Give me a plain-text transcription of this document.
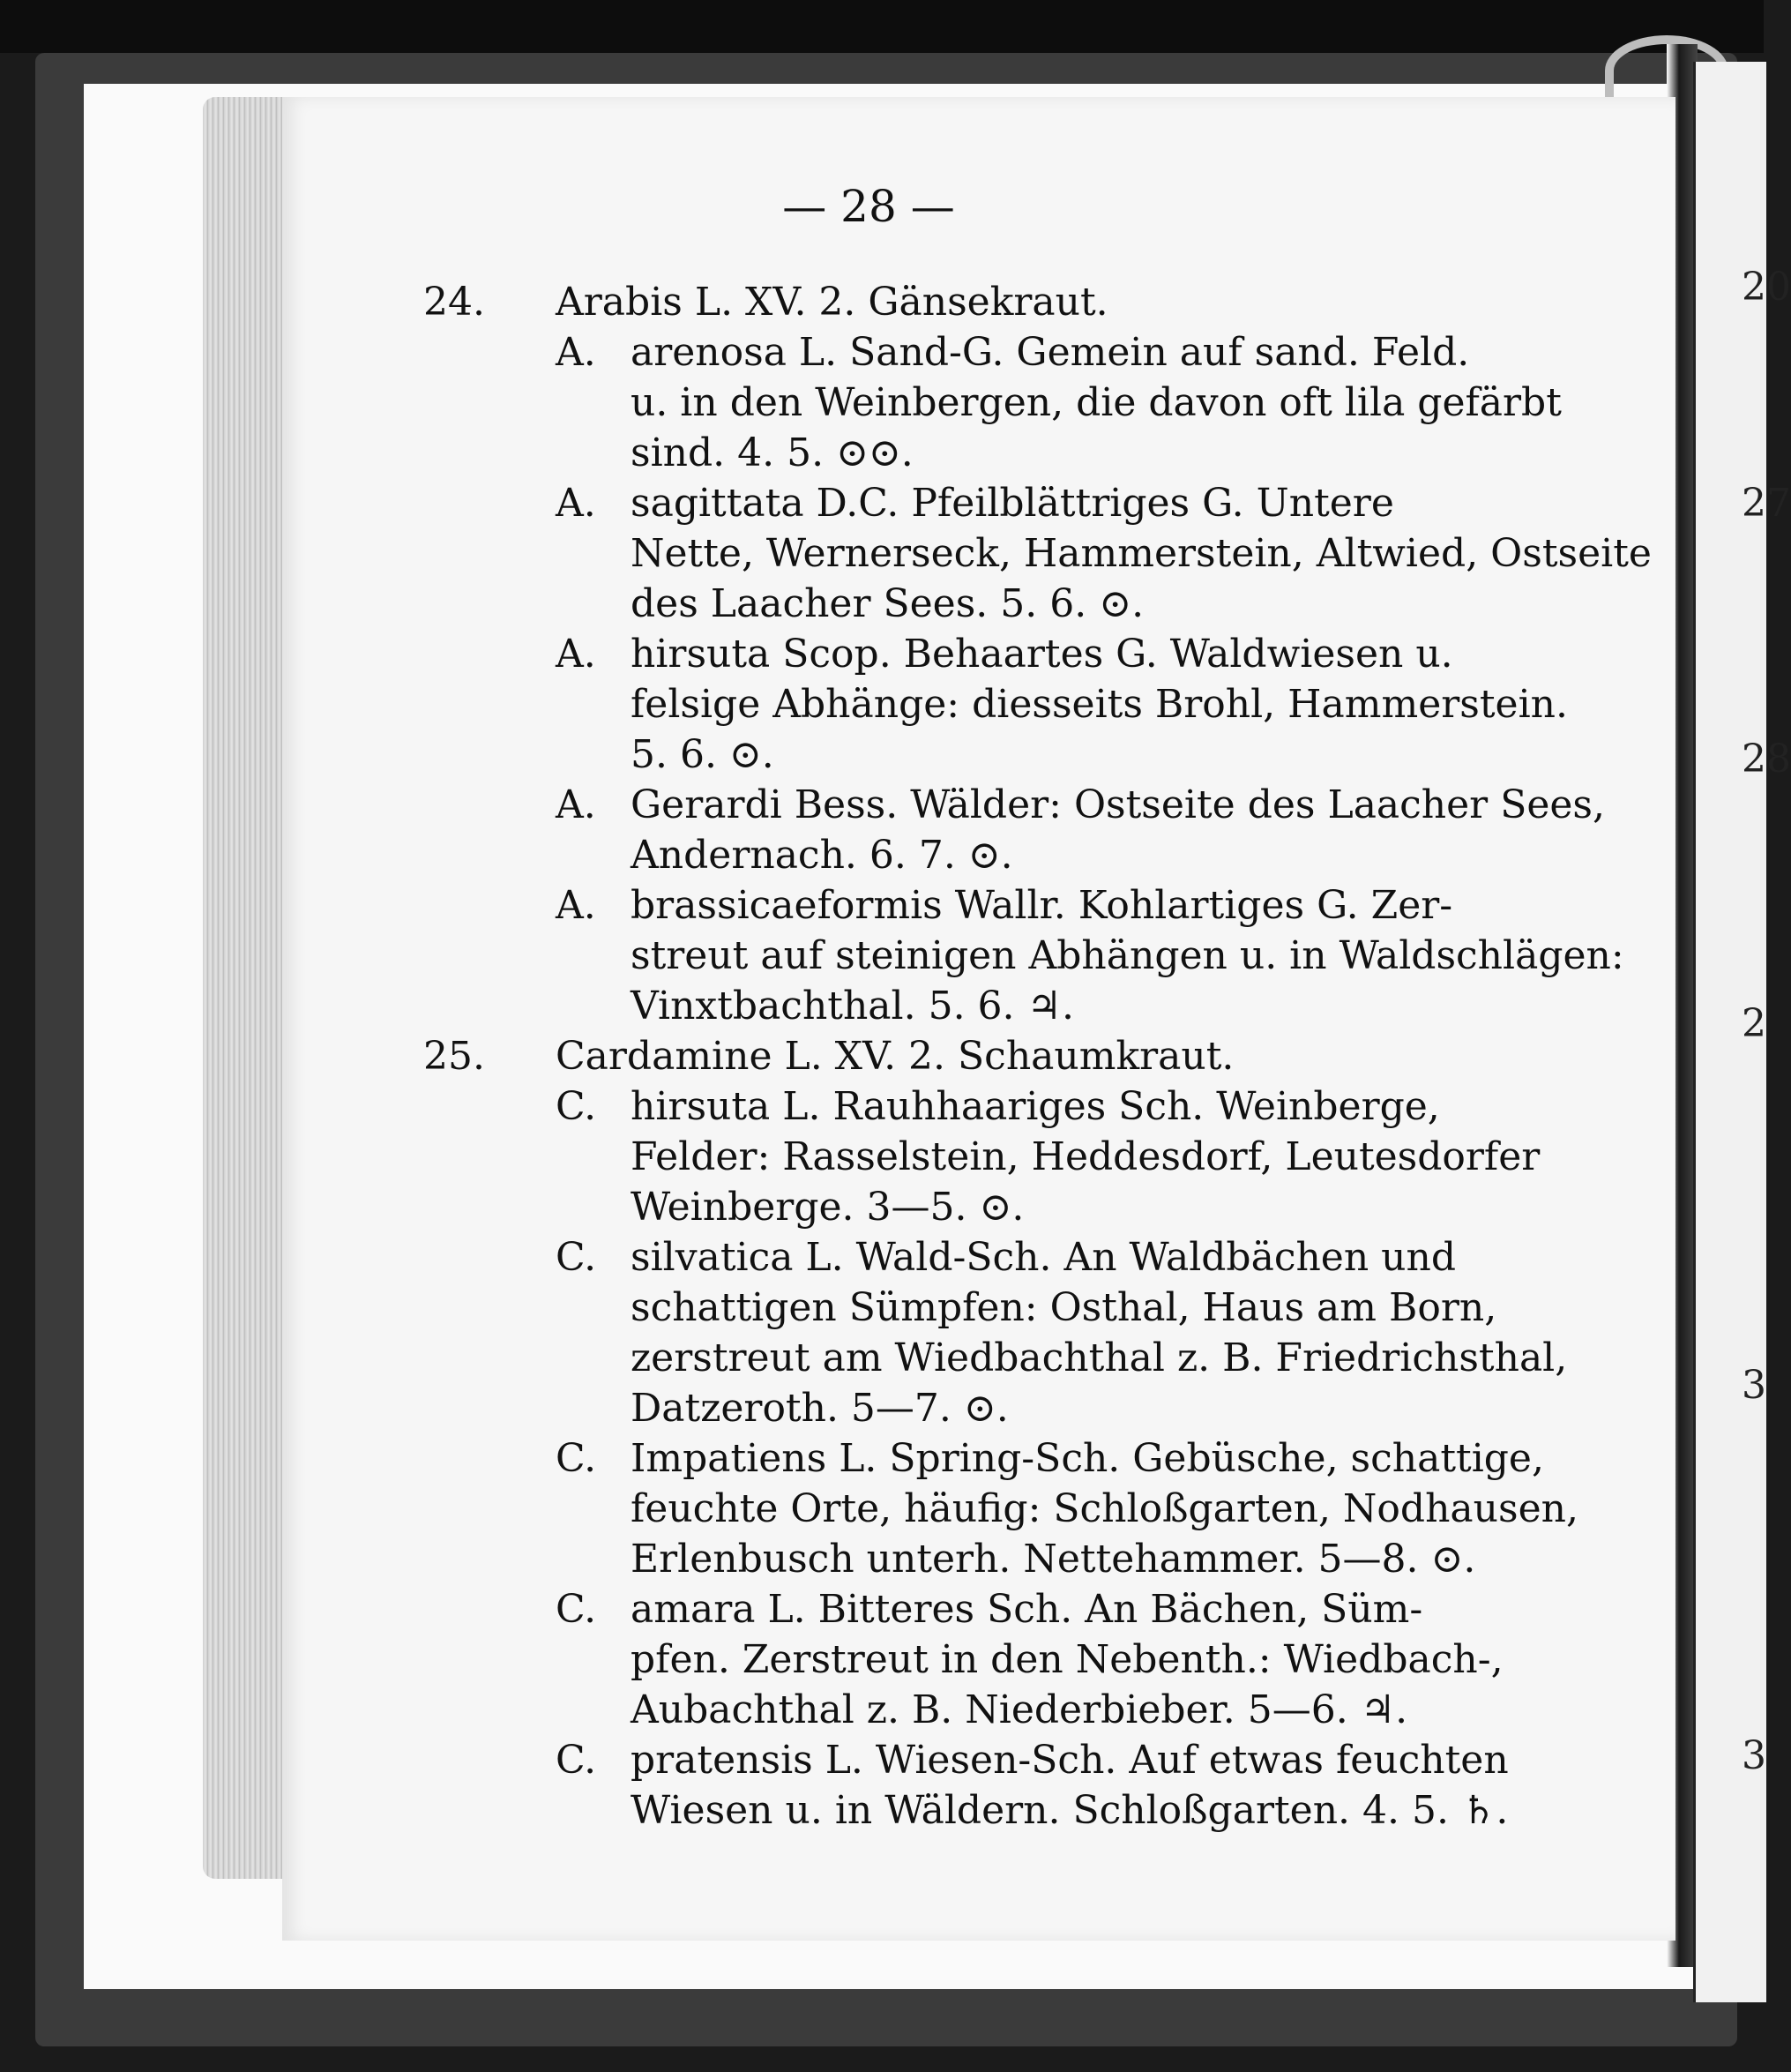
— 28 —
24. Arabis L. XV. 2. Gänsekraut.
A. arenosa L. Sand-G. Gemein auf sand. Feld.
u. in den Weinbergen, die davon oft lila gefärbt
sind. 4. 5. ⊙⊙.
A. sagittata D.C. Pfeilblättriges G. Untere
Nette, Wernerseck, Hammerstein, Altwied, Ostseite
des Laacher Sees. 5. 6. ⊙.
A. hirsuta Scop. Behaartes G. Waldwiesen u.
felsige Abhänge: diesseits Brohl, Hammerstein.
5. 6. ⊙.
A. Gerardi Bess. Wälder: Ostseite des Laacher Sees,
Andernach. 6. 7. ⊙.
A. brassicaeformis Wallr. Kohlartiges G. Zer-
streut auf steinigen Abhängen u. in Waldschlägen:
Vinxtbachthal. 5. 6. ♃.
25. Cardamine L. XV. 2. Schaumkraut.
C. hirsuta L. Rauhhaariges Sch. Weinberge,
Felder: Rasselstein, Heddesdorf, Leutesdorfer
Weinberge. 3—5. ⊙.
C. silvatica L. Wald-Sch. An Waldbächen und
schattigen Sümpfen: Osthal, Haus am Born,
zerstreut am Wiedbachthal z. B. Friedrichsthal,
Datzeroth. 5—7. ⊙.
C. Impatiens L. Spring-Sch. Gebüsche, schattige,
feuchte Orte, häufig: Schloßgarten, Nodhausen,
Erlenbusch unterh. Nettehammer. 5—8. ⊙.
C. amara L. Bitteres Sch. An Bächen, Süm-
pfen. Zerstreut in den Nebenth.: Wiedbach-,
Aubachthal z. B. Niederbieber. 5—6. ♃.
C. pratensis L. Wiesen-Sch. Auf etwas feuchten
Wiesen u. in Wäldern. Schloßgarten. 4. 5. ♄.
20
27
28
2
3
3
